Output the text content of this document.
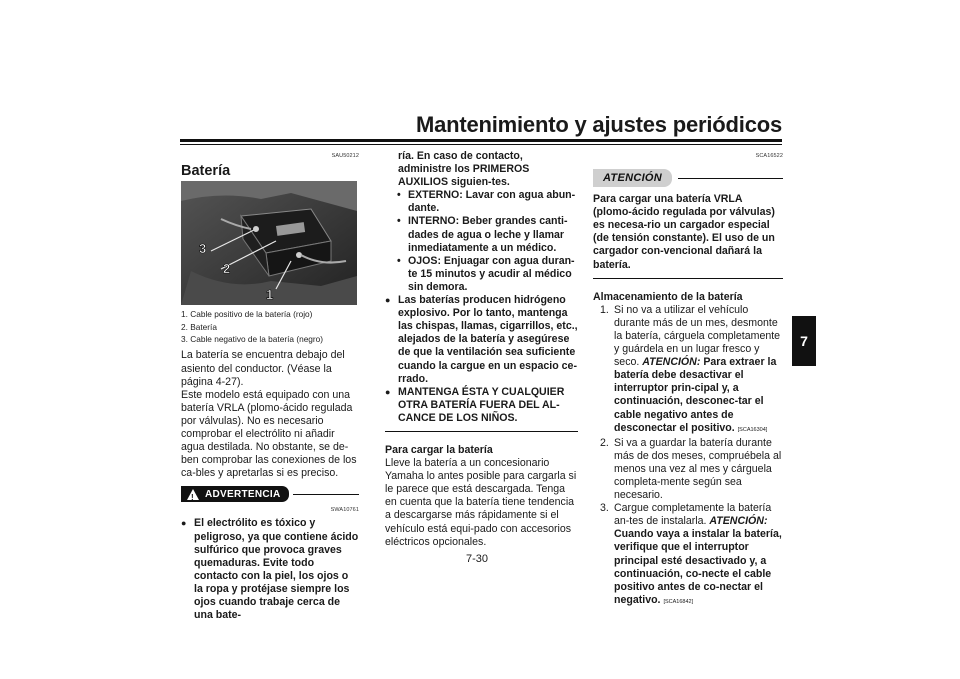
Mantenimiento y ajustes periódicos
7
SAU50212
Batería
3
2
1
1. Cable positivo de la batería (rojo)
2. Batería
3. Cable negativo de la batería (negro)
La batería se encuentra debajo del asiento del conductor. (Véase la página 4-27).
Este modelo está equipado con una batería VRLA (plomo-ácido regulada por válvulas). No es necesario comprobar el electrólito ni añadir agua destilada. No obstante, se de-ben comprobar las conexiones de los ca-bles y apretarlas si es preciso.
! ADVERTENCIA
SWA10761
● El electrólito es tóxico y peligroso, ya que contiene ácido sulfúrico que provoca graves quemaduras. Evite todo contacto con la piel, los ojos o la ropa y protéjase siempre los ojos cuando trabaje cerca de una bate-
ría. En caso de contacto, administre los PRIMEROS AUXILIOS siguien-tes.
• EXTERNO: Lavar con agua abun-dante.
• INTERNO: Beber grandes canti-dades de agua o leche y llamar inmediatamente a un médico.
• OJOS: Enjuagar con agua duran-te 15 minutos y acudir al médico sin demora.
● Las baterías producen hidrógeno explosivo. Por lo tanto, mantenga las chispas, llamas, cigarrillos, etc., alejados de la batería y asegúrese de que la ventilación sea suficiente cuando la cargue en un espacio ce-rrado.
● MANTENGA ÉSTA Y CUALQUIER OTRA BATERÍA FUERA DEL AL-CANCE DE LOS NIÑOS.
Para cargar la batería
Lleve la batería a un concesionario Yamaha lo antes posible para cargarla si le parece que está descargada. Tenga en cuenta que la batería tiene tendencia a descargarse más rápidamente si el vehículo está equi-pado con accesorios eléctricos opcionales.
SCA16522
ATENCIÓN
Para cargar una batería VRLA (plomo-ácido regulada por válvulas) es necesa-rio un cargador especial (de tensión constante). El uso de un cargador con-vencional dañará la batería.
Almacenamiento de la batería
1. Si no va a utilizar el vehículo durante más de un mes, desmonte la batería, cárguela completamente y guárdela en un lugar fresco y seco. ATENCIÓN: Para extraer la batería debe desactivar el interruptor prin-cipal y, a continuación, desconec-tar el cable negativo antes de desconectar el positivo. [SCA16304]
2. Si va a guardar la batería durante más de dos meses, compruébela al menos una vez al mes y cárguela completa-mente según sea necesario.
3. Cargue completamente la batería an-tes de instalarla. ATENCIÓN: Cuando vaya a instalar la batería, verifique que el interruptor principal esté desactivado y, a continuación, co-necte el cable positivo antes de co-nectar el negativo. [SCA16842]
7-30
